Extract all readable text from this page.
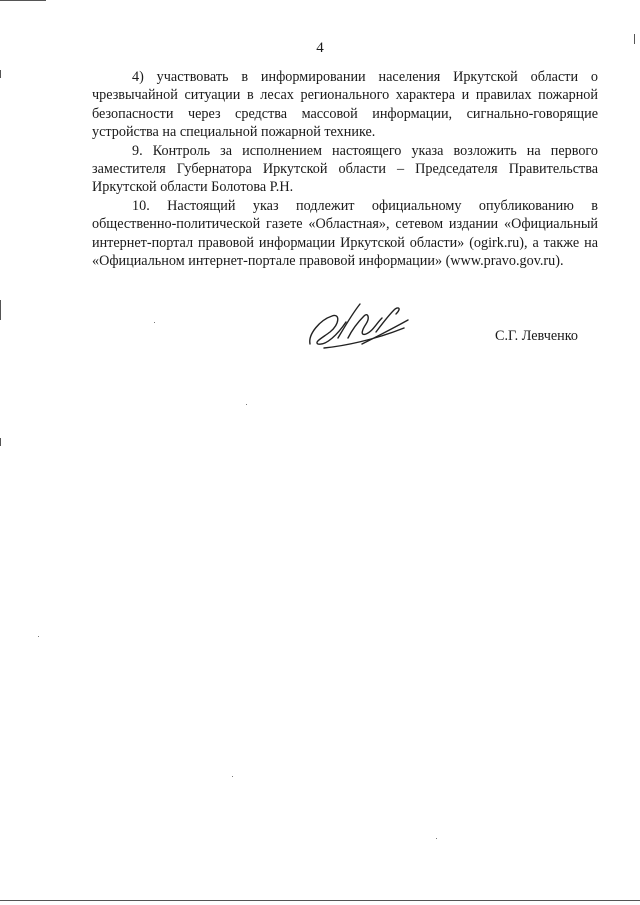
4

4) участвовать в информировании населения Иркутской области о чрезвычайной ситуации в лесах регионального характера и правилах пожарной безопасности через средства массовой информации, сигнально-говорящие устройства на специальной пожарной технике.

9. Контроль за исполнением настоящего указа возложить на первого заместителя Губернатора Иркутской области – Председателя Правительства Иркутской области Болотова Р.Н.

10. Настоящий указ подлежит официальному опубликованию в общественно-политической газете «Областная», сетевом издании «Официальный интернет-портал правовой информации Иркутской области» (ogirk.ru), а также на «Официальном интернет-портале правовой информации» (www.pravo.gov.ru).

С.Г. Левченко
